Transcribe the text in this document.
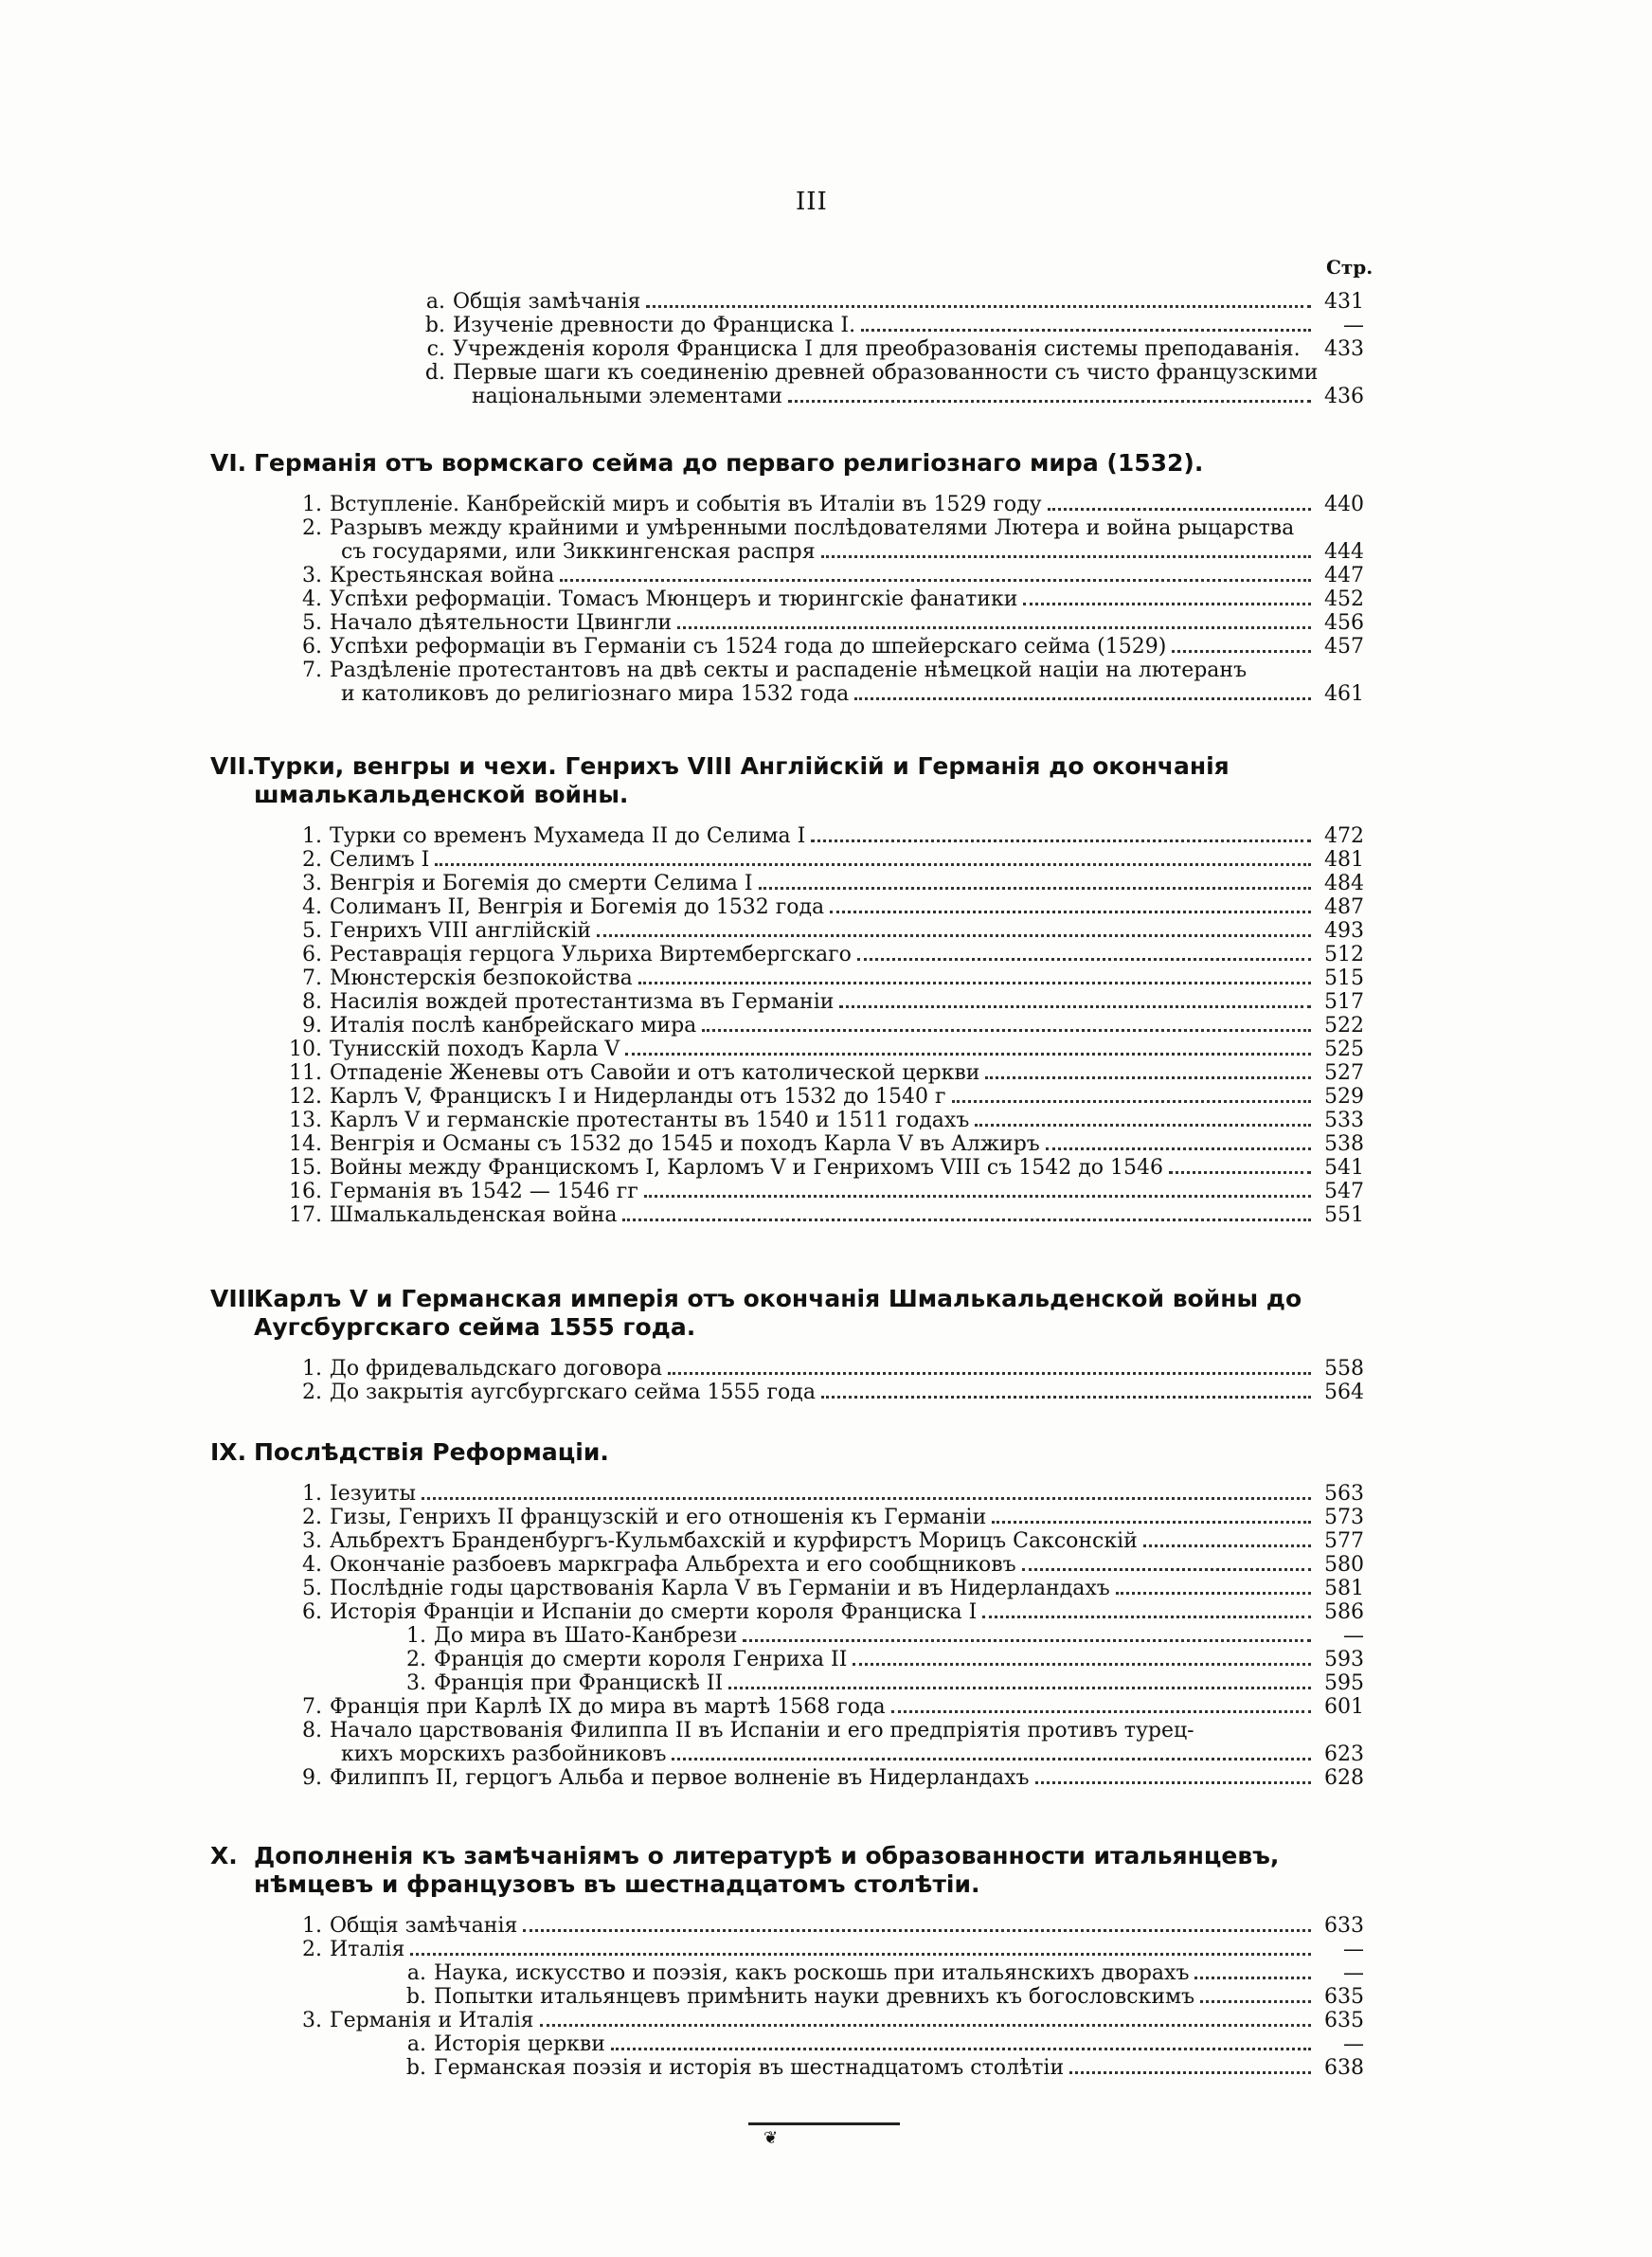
III
Стр.
a. Общія замѣчанія	431
b. Изученіе древности до Франциска I.	—
c. Учрежденія короля Франциска I для преобразованія системы преподаванія.	433
d. Первые шаги къ соединенію древней образованности съ чисто французскими
національными элементами	436
VI. Германія отъ вормскаго сейма до перваго религіознаго мира (1532).
1. Вступленіе. Канбрейскій миръ и событія въ Италіи въ 1529 году	440
2. Разрывъ между крайними и умѣренными послѣдователями Лютера и война рыцарства
съ государями, или Зиккингенская распря	444
3. Крестьянская война	447
4. Успѣхи реформаціи. Томасъ Мюнцеръ и тюрингскіе фанатики	452
5. Начало дѣятельности Цвингли	456
6. Успѣхи реформаціи въ Германіи съ 1524 года до шпейерскаго сейма (1529)	457
7. Раздѣленіе протестантовъ на двѣ секты и распаденіе нѣмецкой націи на лютеранъ
и католиковъ до религіознаго мира 1532 года	461
VII.
Турки, венгры и чехи. Генрихъ VIII Англійскій и Германія до окончанія шмалькальденской войны.
1. Турки со временъ Мухамеда II до Селима I	472
2. Селимъ I	481
3. Венгрія и Богемія до смерти Селима I	484
4. Солиманъ II, Венгрія и Богемія до 1532 года	487
5. Генрихъ VIII англійскій	493
6. Реставрація герцога Ульриха Виртембергскаго	512
7. Мюнстерскія безпокойства	515
8. Насилія вождей протестантизма въ Германіи	517
9. Италія послѣ канбрейскаго мира	522
10. Тунисскій походъ Карла V	525
11. Отпаденіе Женевы отъ Савойи и отъ католической церкви	527
12. Карлъ V, Францискъ I и Нидерланды отъ 1532 до 1540 г	529
13. Карлъ V и германскіе протестанты въ 1540 и 1511 годахъ	533
14. Венгрія и Османы съ 1532 до 1545 и походъ Карла V въ Алжиръ	538
15. Войны между Францискомъ I, Карломъ V и Генрихомъ VIII съ 1542 до 1546	541
16. Германія въ 1542 — 1546 гг	547
17. Шмалькальденская война	551
VIII.
Карлъ V и Германская имперія отъ окончанія Шмалькальденской войны до Аугсбургскаго сейма 1555 года.
1. До фридевальдскаго договора	558
2. До закрытія аугсбургскаго сейма 1555 года	564
IX. Послѣдствія Реформаціи.
1. Іезуиты	563
2. Гизы, Генрихъ II французскій и его отношенія къ Германіи	573
3. Альбрехтъ Бранденбургъ-Кульмбахскій и курфирстъ Морицъ Саксонскій	577
4. Окончаніе разбоевъ маркграфа Альбрехта и его сообщниковъ	580
5. Послѣдніе годы царствованія Карла V въ Германіи и въ Нидерландахъ	581
6. Исторія Франціи и Испаніи до смерти короля Франциска I	586
1. До мира въ Шато-Канбрези	—
2. Франція до смерти короля Генриха II	593
3. Франція при Францискѣ II	595
7. Франція при Карлѣ IX до мира въ мартѣ 1568 года	601
8. Начало царствованія Филиппа II въ Испаніи и его предпріятія противъ турец-
кихъ морскихъ разбойниковъ	623
9. Филиппъ II, герцогъ Альба и первое волненіе въ Нидерландахъ	628
X. Дополненія къ замѣчаніямъ о литературѣ и образованности итальянцевъ, нѣмцевъ и французовъ въ шестнадцатомъ столѣтіи.
1. Общія замѣчанія	633
2. Италія	—
a. Наука, искусство и поэзія, какъ роскошь при итальянскихъ дворахъ	—
b. Попытки итальянцевъ примѣнить науки древнихъ къ богословскимъ	635
3. Германія и Италія	635
a. Исторія церкви	—
b. Германская поэзія и исторія въ шестнадцатомъ столѣтіи	638
❦
